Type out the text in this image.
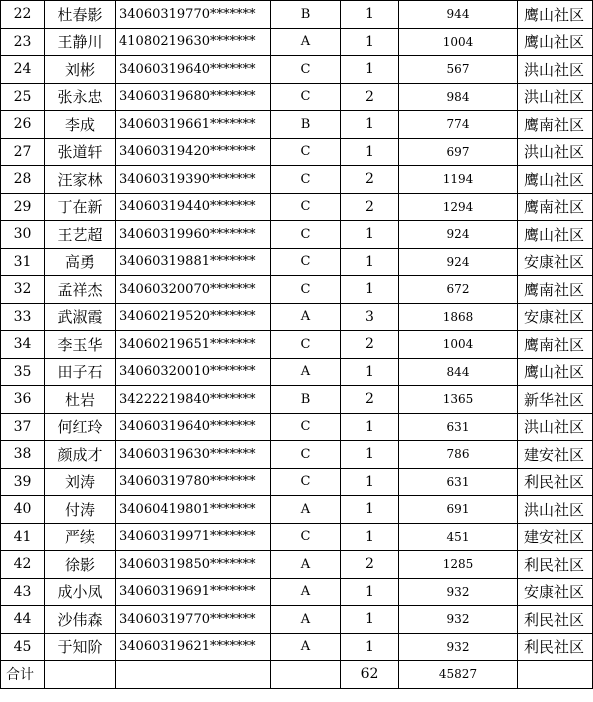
22	杜春影	34060319770*******	B	1	944	鹰山社区
23	王静川	41080219630*******	A	1	1004	鹰山社区
24	刘彬	34060319640*******	C	1	567	洪山社区
25	张永忠	34060319680*******	C	2	984	洪山社区
26	李成	34060319661*******	B	1	774	鹰南社区
27	张道轩	34060319420*******	C	1	697	洪山社区
28	汪家林	34060319390*******	C	2	1194	鹰山社区
29	丁在新	34060319440*******	C	2	1294	鹰南社区
30	王艺超	34060319960*******	C	1	924	鹰山社区
31	高勇	34060319881*******	C	1	924	安康社区
32	孟祥杰	34060320070*******	C	1	672	鹰南社区
33	武淑霞	34060219520*******	A	3	1868	安康社区
34	李玉华	34060219651*******	C	2	1004	鹰南社区
35	田子石	34060320010*******	A	1	844	鹰山社区
36	杜岩	34222219840*******	B	2	1365	新华社区
37	何红玲	34060319640*******	C	1	631	洪山社区
38	颜成才	34060319630*******	C	1	786	建安社区
39	刘涛	34060319780*******	C	1	631	利民社区
40	付涛	34060419801*******	A	1	691	洪山社区
41	严续	34060319971*******	C	1	451	建安社区
42	徐影	34060319850*******	A	2	1285	利民社区
43	成小凤	34060319691*******	A	1	932	安康社区
44	沙伟森	34060319770*******	A	1	932	利民社区
45	于知阶	34060319621*******	A	1	932	利民社区
合计				62	45827	
